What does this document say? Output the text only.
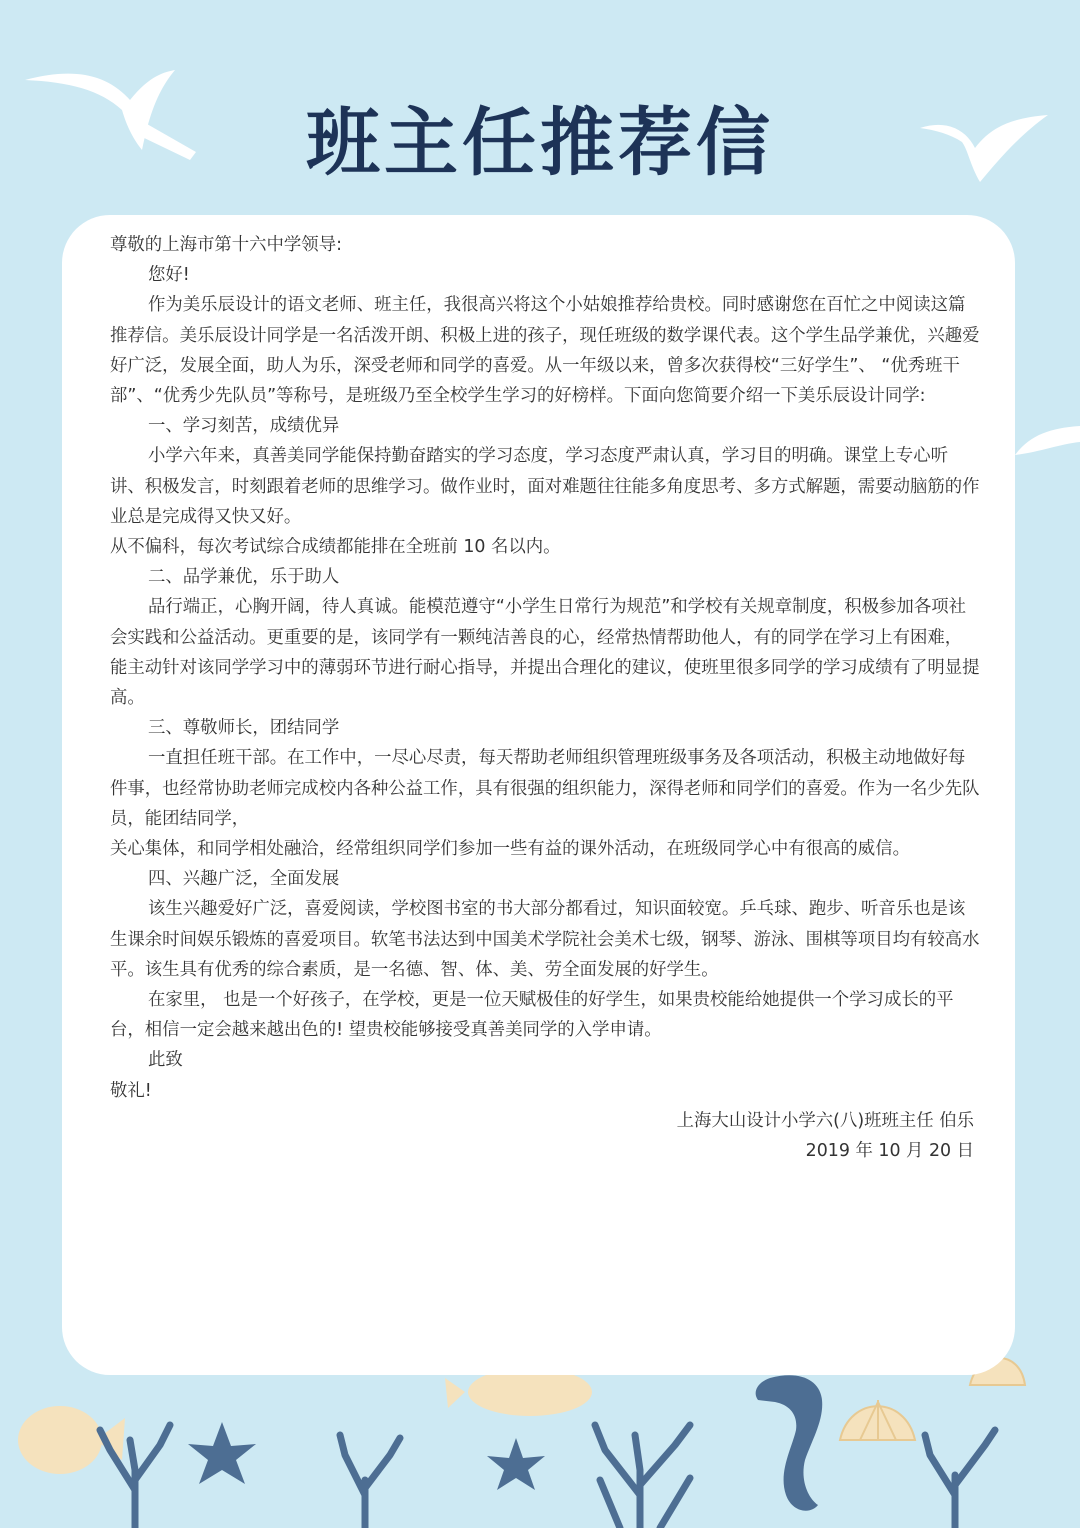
班主任推荐信

尊敬的上海市第十六中学领导:

您好!

作为美乐辰设计的语文老师、班主任，我很高兴将这个小姑娘推荐给贵校。同时感谢您在百忙之中阅读这篇推荐信。美乐辰设计同学是一名活泼开朗、积极上进的孩子，现任班级的数学课代表。这个学生品学兼优，兴趣爱好广泛，发展全面，助人为乐，深受老师和同学的喜爱。从一年级以来，曾多次获得校“三好学生”、 “优秀班干部”、“优秀少先队员”等称号，是班级乃至全校学生学习的好榜样。下面向您简要介绍一下美乐辰设计同学:

一、学习刻苦，成绩优异

小学六年来，真善美同学能保持勤奋踏实的学习态度，学习态度严肃认真，学习目的明确。课堂上专心听讲、积极发言，时刻跟着老师的思维学习。做作业时，面对难题往往能多角度思考、多方式解题，需要动脑筋的作业总是完成得又快又好。

从不偏科，每次考试综合成绩都能排在全班前 10 名以内。

二、品学兼优，乐于助人

品行端正，心胸开阔，待人真诚。能模范遵守“小学生日常行为规范”和学校有关规章制度，积极参加各项社会实践和公益活动。更重要的是，该同学有一颗纯洁善良的心，经常热情帮助他人，有的同学在学习上有困难，

能主动针对该同学学习中的薄弱环节进行耐心指导，并提出合理化的建议，使班里很多同学的学习成绩有了明显提高。

三、尊敬师长，团结同学

一直担任班干部。在工作中，一尽心尽责，每天帮助老师组织管理班级事务及各项活动，积极主动地做好每件事，也经常协助老师完成校内各种公益工作，具有很强的组织能力，深得老师和同学们的喜爱。作为一名少先队员，能团结同学，

关心集体，和同学相处融洽，经常组织同学们参加一些有益的课外活动，在班级同学心中有很高的威信。

四、兴趣广泛，全面发展

该生兴趣爱好广泛，喜爱阅读，学校图书室的书大部分都看过，知识面较宽。乒乓球、跑步、听音乐也是该生课余时间娱乐锻炼的喜爱项目。软笔书法达到中国美术学院社会美术七级，钢琴、游泳、围棋等项目均有较高水平。该生具有优秀的综合素质，是一名德、智、体、美、劳全面发展的好学生。

在家里， 也是一个好孩子，在学校，更是一位天赋极佳的好学生，如果贵校能给她提供一个学习成长的平台，相信一定会越来越出色的! 望贵校能够接受真善美同学的入学申请。

此致

敬礼!

上海大山设计小学六(八)班班主任 伯乐

2019 年 10 月 20 日
